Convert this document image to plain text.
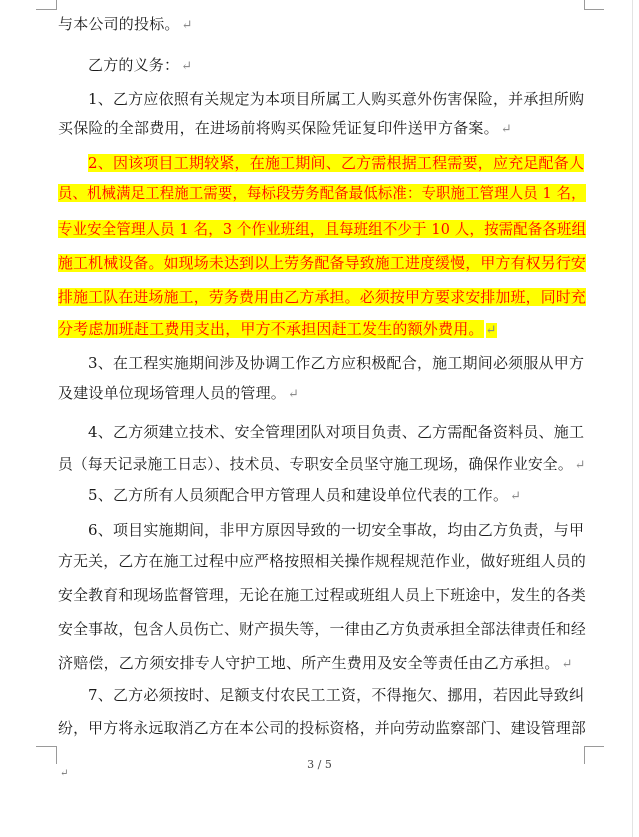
与本公司的投标。 ↵
乙方的义务： ↵
1、乙方应依照有关规定为本项目所属工人购买意外伤害保险，并承担所购
买保险的全部费用，在进场前将购买保险凭证复印件送甲方备案。 ↵
2、因该项目工期较紧，在施工期间、乙方需根据工程需要，应充足配备人
员、机械满足工程施工需要，每标段劳务配备最低标准：专职施工管理人员 1 名，
专业安全管理人员 1 名，3 个作业班组，且每班组不少于 10 人，按需配备各班组
施工机械设备。如现场未达到以上劳务配备导致施工进度缓慢，甲方有权另行安
排施工队在进场施工，劳务费用由乙方承担。必须按甲方要求安排加班，同时充
分考虑加班赶工费用支出，甲方不承担因赶工发生的额外费用。 ↵
3、在工程实施期间涉及协调工作乙方应积极配合，施工期间必须服从甲方
及建设单位现场管理人员的管理。 ↵
4、乙方须建立技术、安全管理团队对项目负责、乙方需配备资料员、施工
员（每天记录施工日志）、技术员、专职安全员坚守施工现场，确保作业安全。 ↵
5、乙方所有人员须配合甲方管理人员和建设单位代表的工作。 ↵
6、项目实施期间，非甲方原因导致的一切安全事故，均由乙方负责，与甲
方无关，乙方在施工过程中应严格按照相关操作规程规范作业，做好班组人员的
安全教育和现场监督管理，无论在施工过程或班组人员上下班途中，发生的各类
安全事故，包含人员伤亡、财产损失等，一律由乙方负责承担全部法律责任和经
济赔偿，乙方须安排专人守护工地、所产生费用及安全等责任由乙方承担。 ↵
7、乙方必须按时、足额支付农民工工资，不得拖欠、挪用，若因此导致纠
纷，甲方将永远取消乙方在本公司的投标资格，并向劳动监察部门、建设管理部
3 / 5
↵
